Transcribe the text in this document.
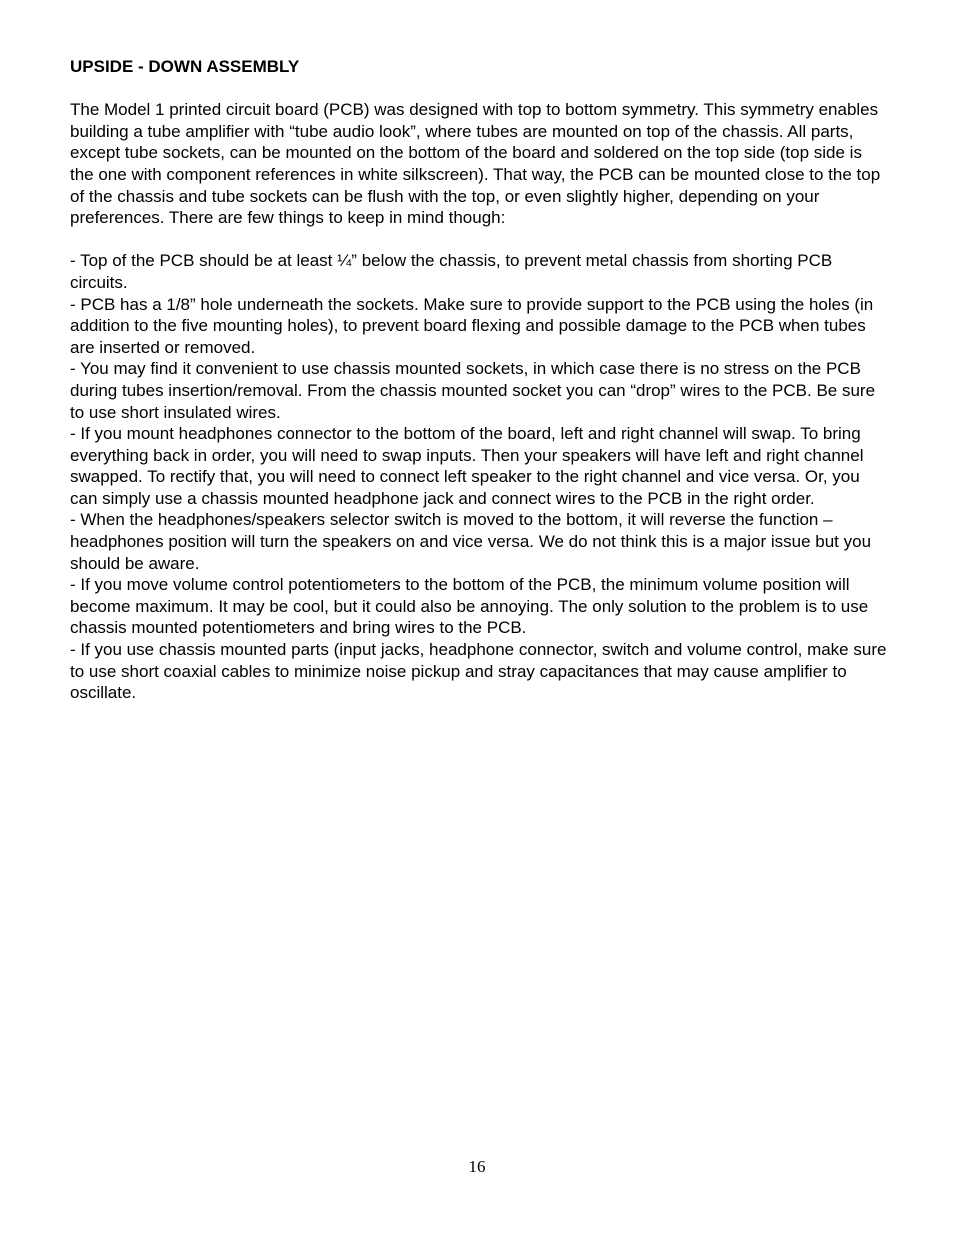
UPSIDE - DOWN ASSEMBLY

The Model 1 printed circuit board (PCB) was designed with top to bottom symmetry. This symmetry enables building a tube amplifier with “tube audio look”, where tubes are mounted on top of the chassis. All parts, except tube sockets, can be mounted on the bottom of the board and soldered on the top side (top side is the one with component references in white silkscreen). That way, the PCB can be mounted close to the top of the chassis and tube sockets can be flush with the top, or even slightly higher, depending on your preferences. There are few things to keep in mind though:

- Top of the PCB should be at least ¼” below the chassis, to prevent metal chassis from shorting PCB circuits.
- PCB has a 1/8” hole underneath the sockets. Make sure to provide support to the PCB using the holes (in addition to the five mounting holes), to prevent board flexing and possible damage to the PCB when tubes are inserted or removed.
- You may find it convenient to use chassis mounted sockets, in which case there is no stress on the PCB during tubes insertion/removal. From the chassis mounted socket you can “drop” wires to the PCB. Be sure to use short insulated wires.
- If you mount headphones connector to the bottom of the board, left and right channel will swap. To bring everything back in order, you will need to swap inputs. Then your speakers will have left and right channel swapped. To rectify that, you will need to connect left speaker to the right channel and vice versa. Or, you can simply use a chassis mounted headphone jack and connect wires to the PCB in the right order.
- When the headphones/speakers selector switch is moved to the bottom, it will reverse the function – headphones position will turn the speakers on and vice versa. We do not think this is a major issue but you should be aware.
- If you move volume control potentiometers to the bottom of the PCB, the minimum volume position will become maximum. It may be cool, but it could also be annoying. The only solution to the problem is to use chassis mounted potentiometers and bring wires to the PCB.
- If you use chassis mounted parts (input jacks, headphone connector, switch and volume control, make sure to use short coaxial cables to minimize noise pickup and stray capacitances that may cause amplifier to oscillate.
16
